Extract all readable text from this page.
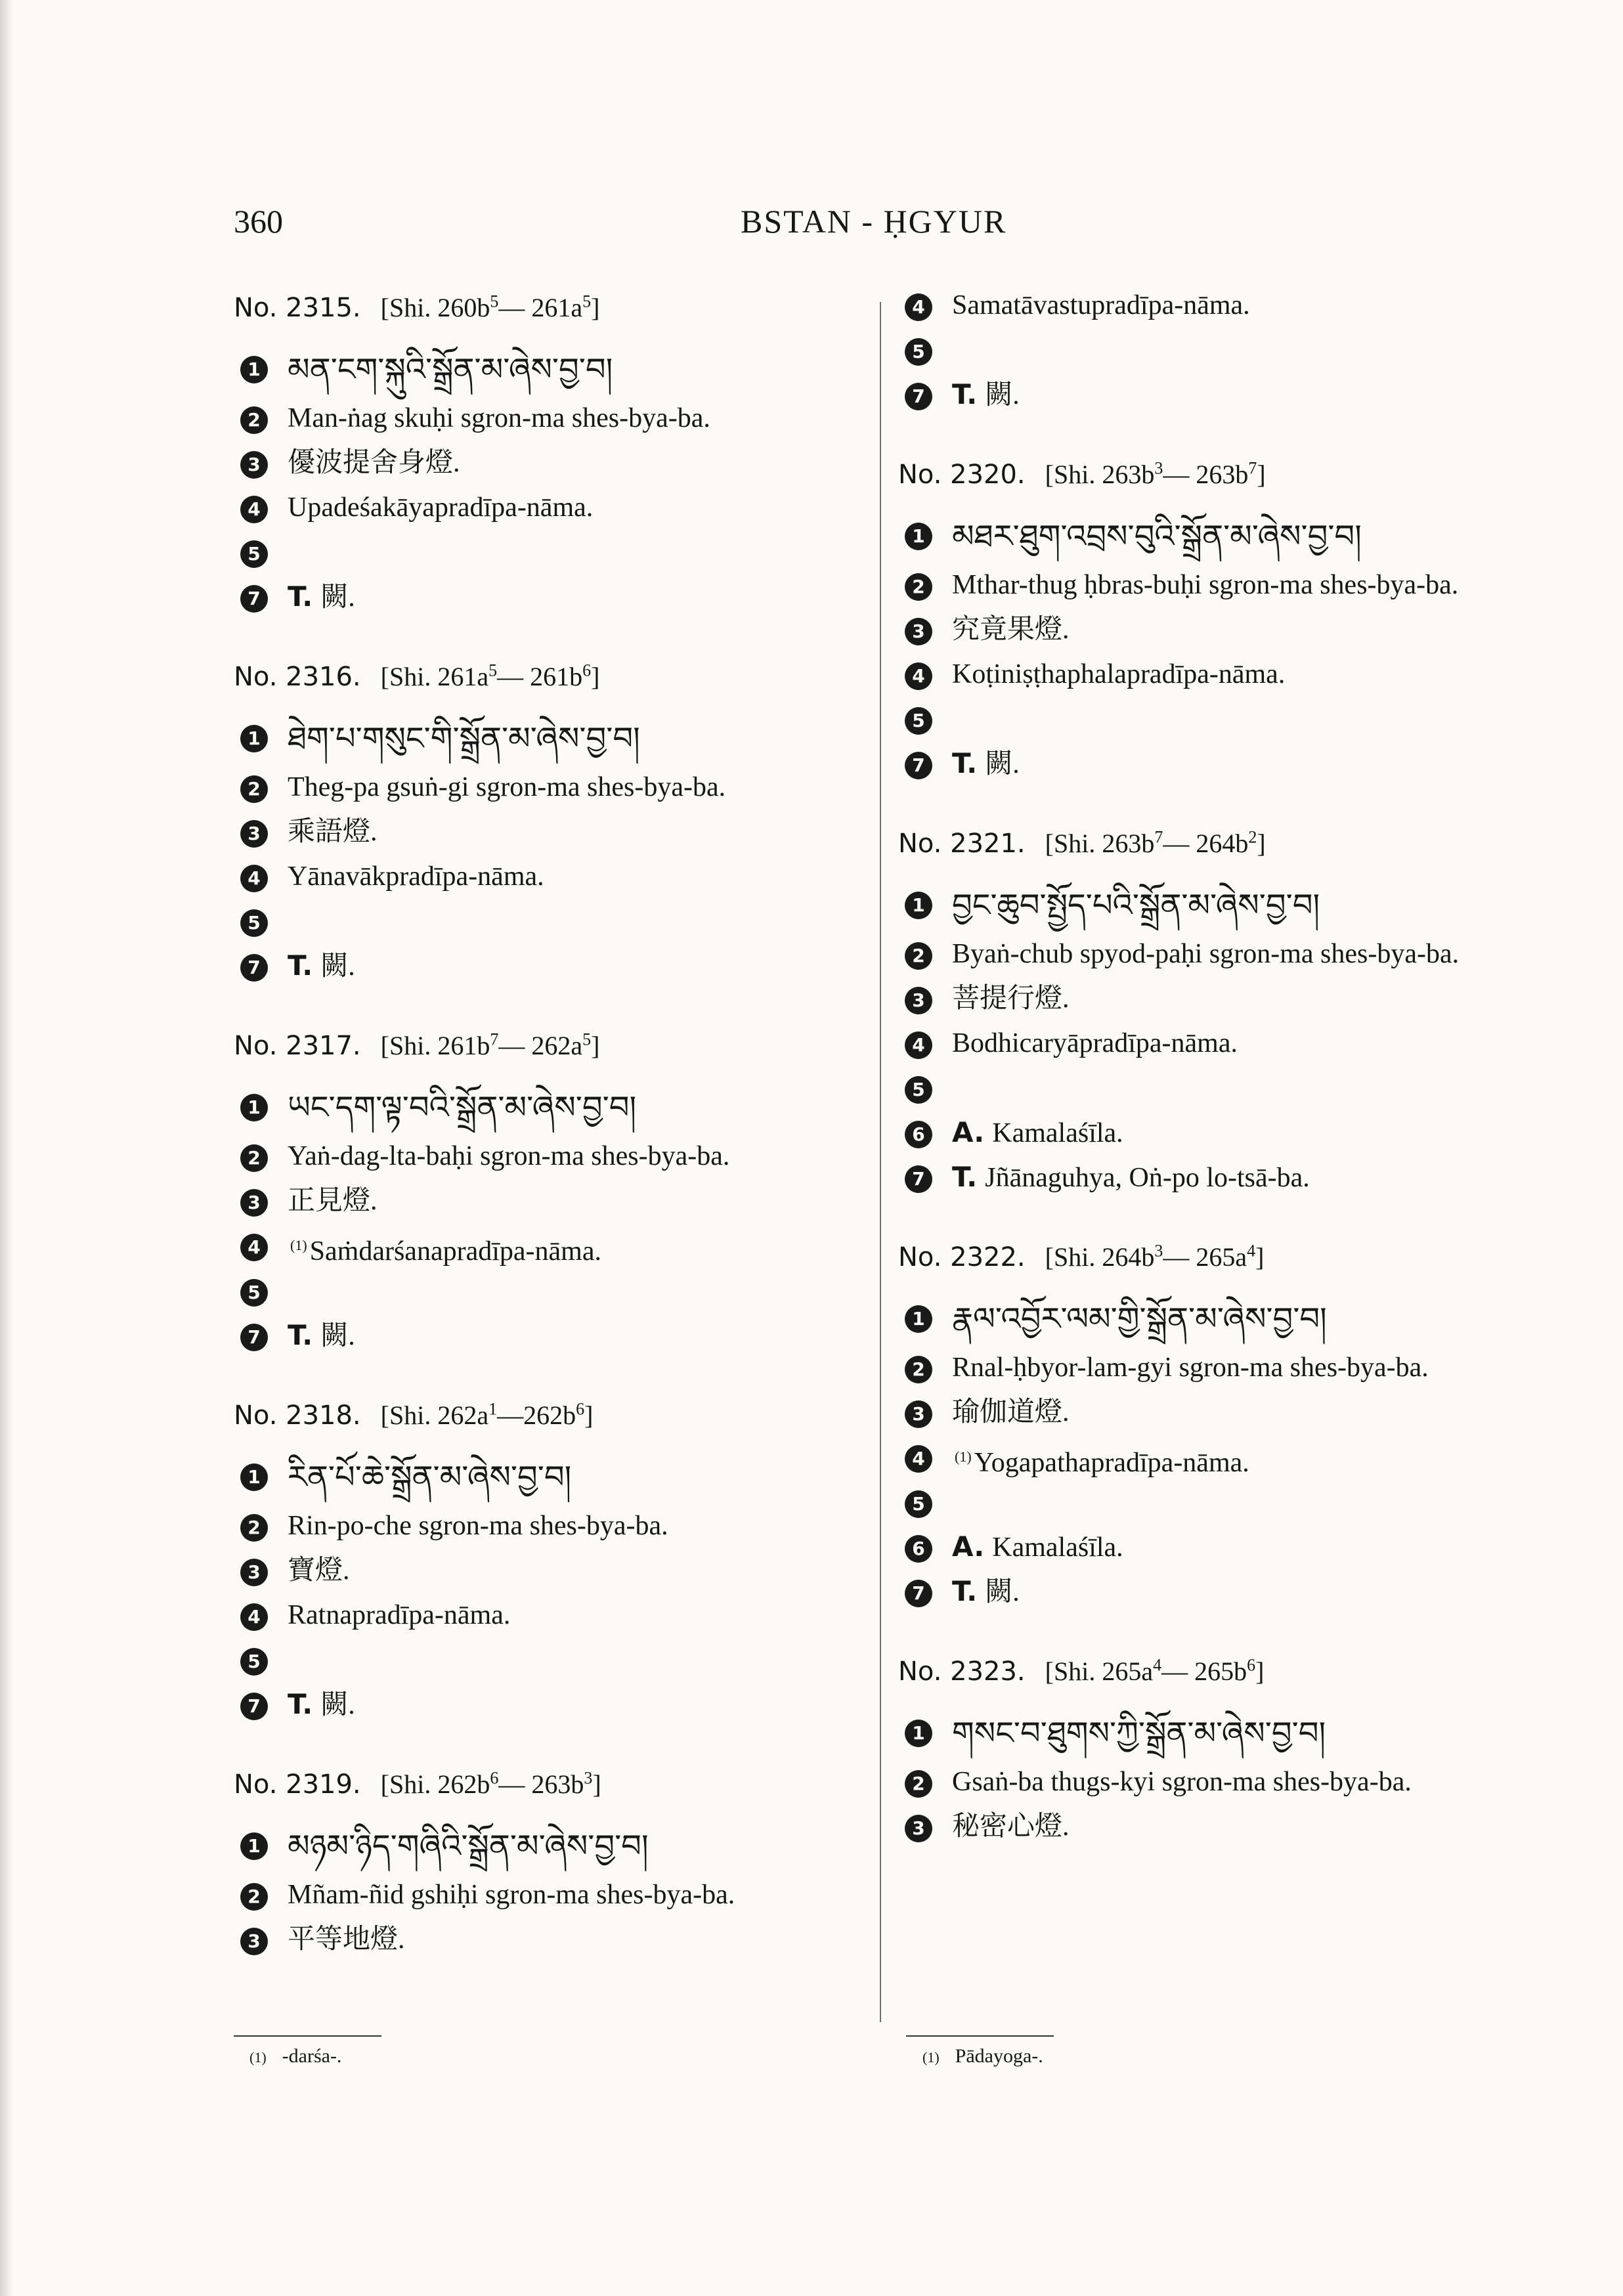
360	BSTAN - ḤGYUR
No. 2315. [Shi. $260b^5—$ $261a^5$]
1 མན་ངག་སྐུའི་སྒྲོན་མ་ཞེས་བྱ་བ།
2 Man-ṅag skuḥi sgron-ma shes-bya-ba.
3 優波提舍身燈.
4 Upadeśakāyapradīpa-nāma.
5
7 T. 闕.
No. 2316. [Shi. $261a^5—$ $261b^6$]
1 ཐེག་པ་གསུང་གི་སྒྲོན་མ་ཞེས་བྱ་བ།
2 Theg-pa gsuṅ-gi sgron-ma shes-bya-ba.
3 乘語燈.
4 Yānavākpradīpa-nāma.
5
7 T. 闕.
No. 2317. [Shi. $261b^7—$ $262a^5$]
1 ཡང་དག་ལྟ་བའི་སྒྲོན་མ་ཞེས་བྱ་བ།
2 Yaṅ-dag-lta-baḥi sgron-ma shes-bya-ba.
3 正見燈.
4	$^{(1)}$Saṁdarśanapradīpa-nāma.
5
7 T. 闕.
No. 2318. [Shi. $262a^1—262b^6$]
1 རིན་པོ་ཆེ་སྒྲོན་མ་ཞེས་བྱ་བ།
2 Rin-po-che sgron-ma shes-bya-ba.
3 寶燈.
4 Ratnapradīpa-nāma.
5
7 T. 闕.
No. 2319. [Shi. $262b^6—$ $263b^3$]
1 མཉམ་ཉིད་གཞིའི་སྒྲོན་མ་ཞེས་བྱ་བ།
2 Mñam-ñid gshiḥi sgron-ma shes-bya-ba.
3 平等地燈.
4 Samatāvastupradīpa-nāma.
5
7 T. 闕.
No. 2320. [Shi. $263b^3—$ $263b^7$]
1 མཐར་ཐུག་འབྲས་བུའི་སྒྲོན་མ་ཞེས་བྱ་བ།
2 Mthar-thug ḥbras-buḥi sgron-ma shes-bya-ba.
3 究竟果燈.
4 Koṭiniṣṭhaphalapradīpa-nāma.
5
7 T. 闕.
No. 2321. [Shi. $263b^7—$ $264b^2$]
1 བྱང་ཆུབ་སྤྱོད་པའི་སྒྲོན་མ་ཞེས་བྱ་བ།
2 Byaṅ-chub spyod-paḥi sgron-ma shes-bya-ba.
3 菩提行燈.
4 Bodhicaryāpradīpa-nāma.
5
6 A. Kamalaśīla.
7 T. Jñānaguhya, Oṅ-po lo-tsā-ba.
No. 2322. [Shi. $264b^3—$ $265a^4$]
1 རྣལ་འབྱོར་ལམ་གྱི་སྒྲོན་མ་ཞེས་བྱ་བ།
2 Rnal-ḥbyor-lam-gyi sgron-ma shes-bya-ba.
3 瑜伽道燈.
4	$^{(1)}$Yogapathapradīpa-nāma.
5
6 A. Kamalaśīla.
7 T. 闕.
No. 2323. [Shi. $265a^4—$ $265b^6$]
1 གསང་བ་ཐུགས་ཀྱི་སྒྲོན་མ་ཞེས་བྱ་བ།
2 Gsaṅ-ba thugs-kyi sgron-ma shes-bya-ba.
3 秘密心燈.
(1) -darśa-.	(1) Pādayoga-.
